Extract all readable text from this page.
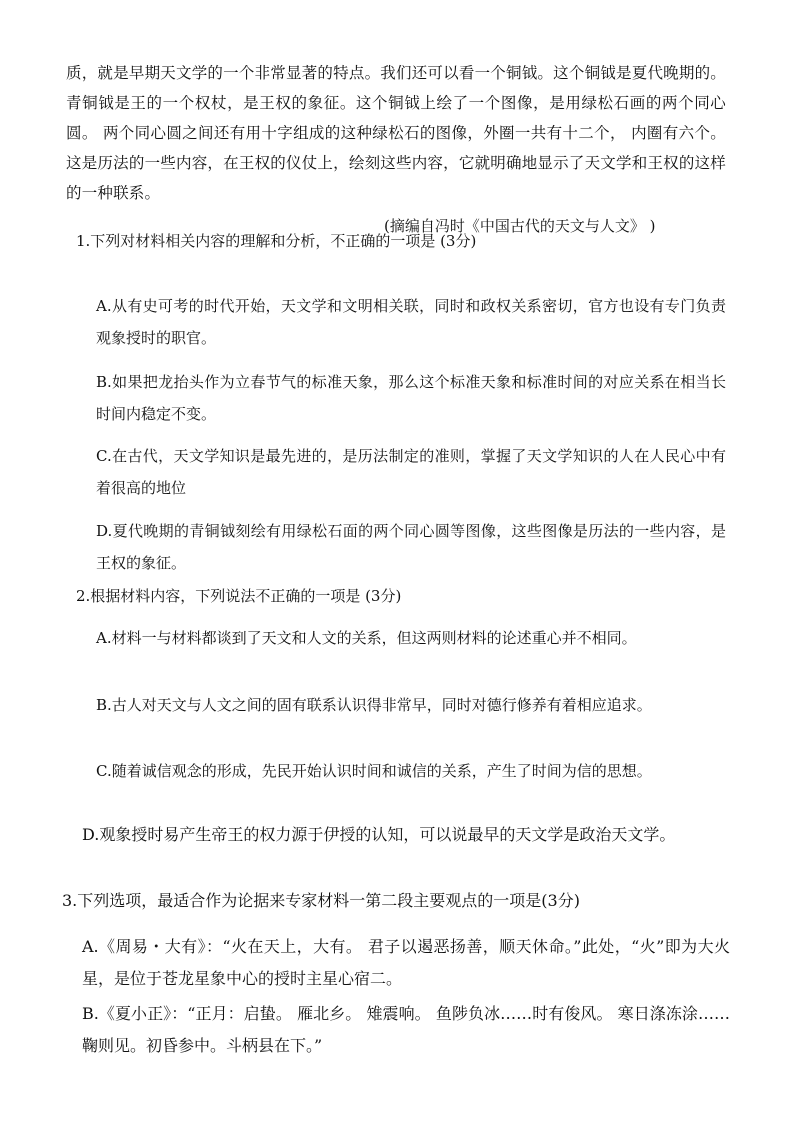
质，就是早期天文学的一个非常显著的特点。我们还可以看一个铜钺。这个铜钺是夏代晚期的。青铜钺是王的一个权杖，是王权的象征。这个铜钺上绘了一个图像，是用绿松石画的两个同心圆。 两个同心圆之间还有用十字组成的这种绿松石的图像，外圈一共有十二个， 内圈有六个。 这是历法的一些内容，在王权的仪仗上，绘刻这些内容，它就明确地显示了天文学和王权的这样的一种联系。

(摘编自冯时《中国古代的天文与人文》 )
1.下列对材料相关内容的理解和分析，不正确的一项是 (3分)
A.从有史可考的时代开始，天文学和文明相关联，同时和政权关系密切，官方也设有专门负责观象授时的职官。
B.如果把龙抬头作为立春节气的标准天象，那么这个标准天象和标准时间的对应关系在相当长时间内稳定不变。
C.在古代，天文学知识是最先进的，是历法制定的准则，掌握了天文学知识的人在人民心中有着很高的地位
D.夏代晚期的青铜钺刻绘有用绿松石面的两个同心圆等图像，这些图像是历法的一些内容，是王权的象征。
2.根据材料内容，下列说法不正确的一项是 (3分)
A.材料一与材料都谈到了天文和人文的关系，但这两则材料的论述重心并不相同。
B.古人对天文与人文之间的固有联系认识得非常早，同时对德行修养有着相应追求。
C.随着诚信观念的形成，先民开始认识时间和诚信的关系，产生了时间为信的思想。
D.观象授时易产生帝王的权力源于伊授的认知，可以说最早的天文学是政治天文学。
3.下列选项，最适合作为论据来专家材料一第二段主要观点的一项是(3分)
A.《周易・大有》：“火在天上，大有。 君子以遏恶扬善，顺天休命。”此处，“火”即为大火星，是位于苍龙星象中心的授时主星心宿二。
B.《夏小正》：“正月：启蛰。 雁北乡。 雉震响。 鱼陟负冰……时有俊风。 寒日涤冻涂……鞠则见。初昏参中。斗柄县在下。”
